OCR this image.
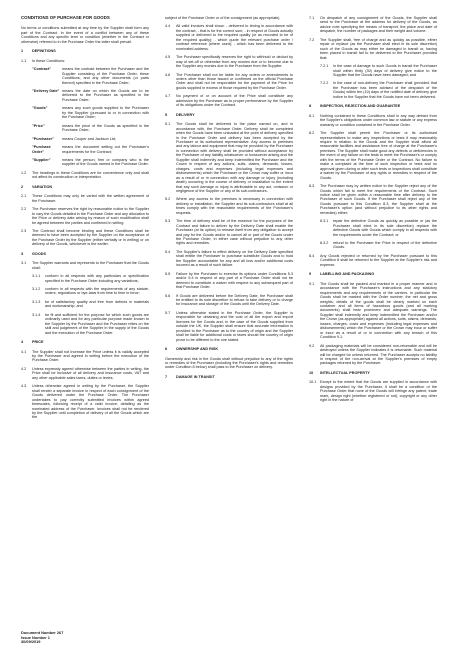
CONDITIONS OF PURCHASE FOR GOODS

No terms or conditions submitted at any time by the Supplier shall form any part of the Contract. In the event of a conflict between any of these Conditions and any specific term or condition (whether in the Contract or otherwise) referred to in the Purchase Order the latter shall prevail.

1	DEFINITIONS
1.1	In these Conditions:
"Contract"	means the contract between the Purchaser and the Supplier consisting of the Purchase Order, these Conditions, and any other documents (or parts thereof) specified in the Purchase Order;
"Delivery Date" means the date on which the Goods are to be delivered to the Purchaser as specified in the Purchase Order;
"Goods"	means any such goods supplied to the Purchaser by the Supplier (pursuant to or in connection with the Purchase Order;
"Price"	means the price of the Goods as specified in the Purchase Order;
"Purchaser"	means Cooper and Jackson Ltd;
"Purchase Order"
means the document setting out the Purchaser's requirements for the Contract;
"Supplier"	means the person, firm or company who is the supplier of the Goods named in the Purchase Order.
1.2	The headings in these Conditions are for convenience only and shall not affect its construction or interpretation.
2	VARIATION
2.1	These Conditions may only be varied with the written agreement of the Purchaser.
2.2	The Purchaser reserves the right by reasonable notice to the Supplier to vary the Goods detailed in the Purchase Order and any allocation to the Price or delivery date arising by reason of such modification shall be agreed between the parties and confirmed in writing.
2.3	The Contract shall become binding and these Conditions shall be deemed to have been accepted by the Supplier on the acceptance of the Purchase Order by the Supplier (either verbally or in writing) or on delivery of the Goods, whichever is the earlier.
3	GOODS
3.1	The Supplier warrants and represents to the Purchaser that the Goods shall:
3.1.1	conform in all respects with any particulars or specification specified in the Purchase Order including any variations;
3.1.2	conform in all respects with the requirements of any statute, orders, regulations or bye-laws from time to time in force;
3.1.3	be of satisfactory quality and free from defects in materials and workmanship; and
3.1.4	be fit and sufficient for the purpose for which such goods are ordinarily used and for any particular purpose made known to the Supplier by the Purchaser and the Purchaser relies on the skill and judgement of the Supplier in the supply of the Goods and the execution of the Purchase Order.
4	PRICE
4.1	The Supplier shall not increase the Price unless it is validly accepted by the Purchaser and agreed in writing before the execution of the Purchase Order.
4.2	Unless expressly agreed otherwise between the parties in writing, the Price shall be inclusive of all delivery and insurance costs, VAT and any other applicable sales taxes, duties or levies.
4.3	Unless otherwise agreed in writing by the Purchaser, the Supplier shall render a separate invoice in respect of each consignment of the Goods delivered under the Purchase Order. The Purchaser undertakes to pay correctly submitted invoices within agreed timescales, following receipt of a valid invoice, detailing as the nominated address of the Purchaser. Invoices shall not be rendered by the Supplier until completion of delivery of all the Goods which are the

subject of the Purchase Order or of the consignment (as appropriate).

4.4	All valid invoices shall show: - delivered to timing in accordance with the contract, - that is for the correct sum; - in respect of Goods actually supplied or delivered to the required quality (or as recorded to be of the required quality); - which quote the relevant purchase order / contract reference (where used); - which has been delivered to the nominated address.
4.5	The Purchaser specifically reserves the right to withhold or deduct by way of set-off or otherwise from any monies due or to become due to the Supplier any monies due to the Purchaser from the Supplier.
4.6	The Purchaser shall not be liable for any orders or amendments to orders other than those issued or confirmed on the official Purchase Order and shall not be responsible for the payment of the Price for goods supplied in excess of those required by the Purchase Order.
4.7	No payment of or on account of the Price shall constitute any admission by the Purchaser as to proper performance by the Supplier of its obligations under the Contract.
5	DELIVERY
5.1	The Goods shall be delivered to the place named on, and in accordance with, the Purchase Order. Delivery shall be completed when the Goods have been unloaded at the point of delivery specified in the Purchase Order and delivery has been accepted by the Purchaser or its authorised representative. Any access to premises and any labour and equipment that may be provided by the Purchaser in connection with delivery shall be provided without acceptance by the Purchaser of any liability whatsoever or howsoever arising and the Supplier shall indemnify and keep indemnified the Purchaser and the Crown in respect of any actions, suits, claims, demands, losses, charges, costs and expenses (including legal expenses and disbursements) which the Purchaser or the Crown may suffer or incur as a result of or in connection with any damage or injury (including death) occurring in the course of delivery or installation to the extent that any such damage or injury is attributable to any act, omission or negligence of the Supplier or any of its sub-contractors.
5.2	Where any access to the premises is necessary in connection with delivery or installation, the Supplier and its sub-contractors shall at all times comply with the reasonable requirements of the Purchaser's requests.
5.3	The time of delivery shall be of the essence for the purposes of the Contract and failure to deliver by the Delivery Date shall enable the Purchaser (at its option) to release itself from any obligation to accept and pay for the Goods and/or to cancel all or part of the Goods under the Purchase Order, in either case without prejudice to any other rights and remedies.
5.4	The Supplier's failure to effect delivery on the Delivery Date specified shall entitle the Purchaser to purchase substitute Goods and to hold the Supplier accountable for any and all loss and/or additional costs incurred as a result of such failure.
5.5	Failure by the Purchaser to exercise its options under Conditions 5.3 and/or 5.4 in respect of any part of a Purchase Order shall not be deemed to constitute a waiver with respect to any subsequent part of that Purchase Order.
5.6	If Goods are delivered before the Delivery Date, the Purchaser shall be entitled to its sole discretion to refuse to take delivery or to charge for insurance and storage of the Goods until the Delivery Date.
5.7	Unless otherwise stated in the Purchase Order, the Supplier is responsible for obtaining and the cost of all the export and import licences for the Goods and, in the case of the Goods supplied from outside the UK, the Supplier shall ensure that accurate information is provided to the Purchaser as to the country of origin and the Supplier shall be liable for additional costs or taxes should the country of origin prove to be different to the one stated.
6	OWNERSHIP AND RISK

Ownership and risk in the Goods shall without prejudice to any of the rights or remedies of the Purchaser (including the Purchaser's rights and remedies under Condition 8 below) shall pass to the Purchaser on delivery.

7	DAMAGE IN TRANSIT
7.1	On despatch of any consignment of the Goods, the Supplier shall send to the Purchaser at the address for delivery of the Goods, an advice note specifying the means of transport, the place and date of despatch, the number of packages and their weight and volume.
7.2	The Supplier shall, free of charge and as quickly as possible, either repair or replace (as the Purchaser shall elect in its sole discretion) such of the Goods as may either be damaged in transit or, having been placed in transit fail to be delivered to the Purchaser provided that:
7.2.1	in the case of damage to such Goods in transit the Purchaser shall within thirty (30) days of delivery give notice to the Supplier that the Goods have been damaged; and
7.2.2	in the case of non-delivery the Purchaser shall (provided that the Purchaser has been advised of the despatch of the Goods) within ten (10) days of the notified date of delivery give notice to the Supplier that the Goods have not been delivered.
8	INSPECTION, REJECTION AND GUARANTEE
8.1	Nothing contained in these Conditions shall in any way detract from the Supplier's obligations under common law or statute or any express warranty or condition contained in the Purchase Order.
8.2	The Supplier shall permit the Purchaser or its authorised representatives to make any inspections or tests it may reasonably require in relation to the Goods and the Supplier shall afford all reasonable facilities and assistance free of charge at the Purchaser's premises. The Supplier shall make good any defects or deficiencies in the event of any failure on the tests to meet the Purchaser's or comply with the terms of the Purchase Order or the Contract. No failure to make a complaint at the time of such inspection or tests and no approval given during or after such tests or inspections shall constitute a waiver by the Purchaser of any rights or remedies in respect of the Goods.
8.3	The Purchaser may by written notice to the Supplier reject any of the Goods which fail to meet the requirements of the Contract. Such notice shall be given within a reasonable time after delivery to the Purchaser of such Goods. If the Purchaser shall reject any of the Goods pursuant to this Condition 8.3, the Supplier shall at the Purchaser's option (and without prejudice to its other rights and remedies) either:
8.3.1	repair the defective Goods as quickly as possible or (as the Purchaser shall elect in its sole discretion) replace the defective Goods with Goods which comply in all respects with the requirements under the Contract; or
8.3.2	refund to the Purchaser the Price in respect of the defective Goods.
8.4	Any Goods rejected or returned by the Purchaser pursuant to this Condition 8 shall be returned to the Supplier at the Supplier's risk and expense.
9	LABELLING AND PACKAGING
9.1	The Goods shall be packed and marked in a proper manner and in accordance with the Purchaser's instructions and any statutory requirements and any requirements of the carriers. In particular the Goods shall be marked with the Order number, the net and gross weights, details of the goods shall be clearly marked on each container and all items of hazardous goods (and all marking documents) shall bear prominent and adequate warnings. The Supplier shall indemnify and keep indemnified the Purchaser and/or the Crown (as appropriate) against all actions, suits, claims, demands, losses, charges, costs and expenses (including legal expenses and disbursements) which the Purchaser or the Crown may incur or suffer or incur as a result of or in connection with any breach of this Condition 9.1.
9.2	All packaging materials will be considered non-returnable and will be destroyed unless the Supplier indicates it is returnable. Such material will be charged for unless returned. The Purchaser accepts no liability in respect of the non-arrival at the Supplier's premises of empty packages returned by the Purchaser.
10	INTELLECTUAL PROPERTY
10.1 Except to the extent that the Goods are supplied in accordance with designs provided by the Purchaser, it shall be a condition of the Purchase Order that none of the Goods will infringe any patent, trade mark, design right (whether registered or not), copyright or any other right in the nature of
Document Number 267
Issue Number 1
30/09/2019
